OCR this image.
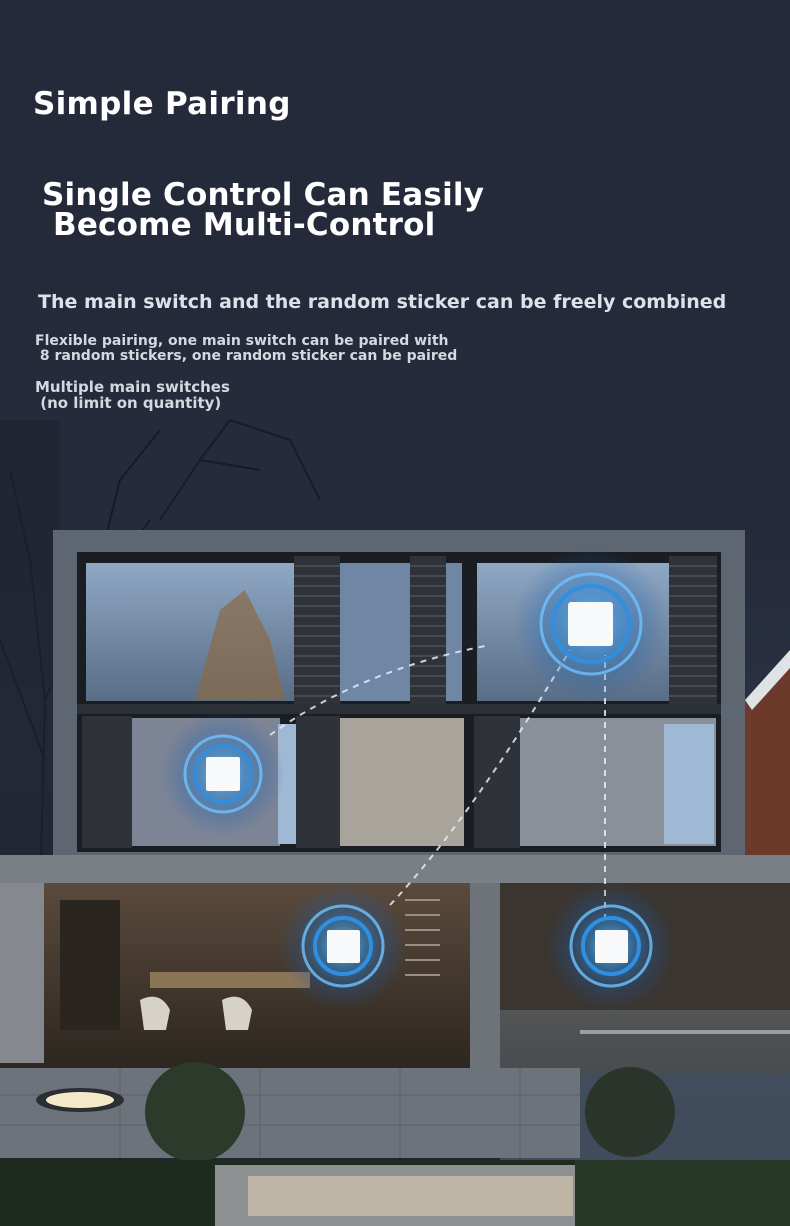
Simple Pairing
Single Control Can Easily
Become Multi-Control

The main switch and the random sticker can be freely combined

Flexible pairing, one main switch can be paired with
8 random stickers, one random sticker can be paired

Multiple main switches
(no limit on quantity)
